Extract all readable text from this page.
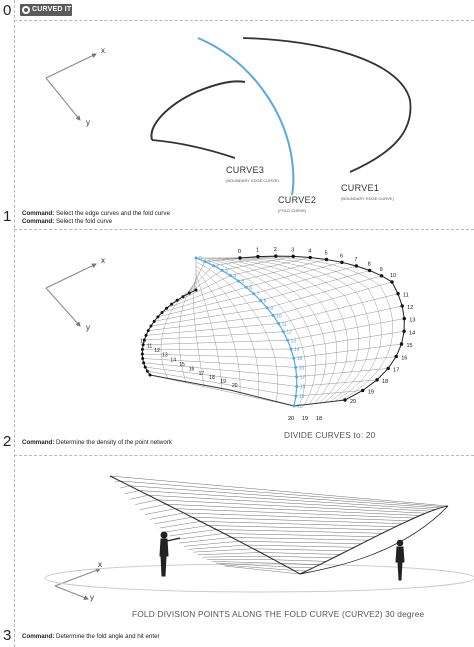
0	CURVED IT
x
y
CURVE3
(BOUNDARY EDGE CURVE)
CURVE2
(FOLD CURVE)
CURVE1
(BOUNDARY EDGE CURVE)
1 Command: Select the edge curves and the fold curve
Command: Select the fold curve
0	1	2	3	4 5 6
7
8
9
10
11
12
13
14
15
16
17
18
19
20
0
1
2
3
4
5
6
7
8
9
10
11
12
13
14
15
16
17
18
19
20
10
11
12
13
14
15
16
17
18
19
20
20 19 18
x
y
DIVIDE CURVES to: 20
2 Command: Determine the density of the point network
x
y
FOLD DIVISION POINTS ALONG THE FOLD CURVE (CURVE2) 30 degree
3 Command: Determine the fold angle and hit enter
